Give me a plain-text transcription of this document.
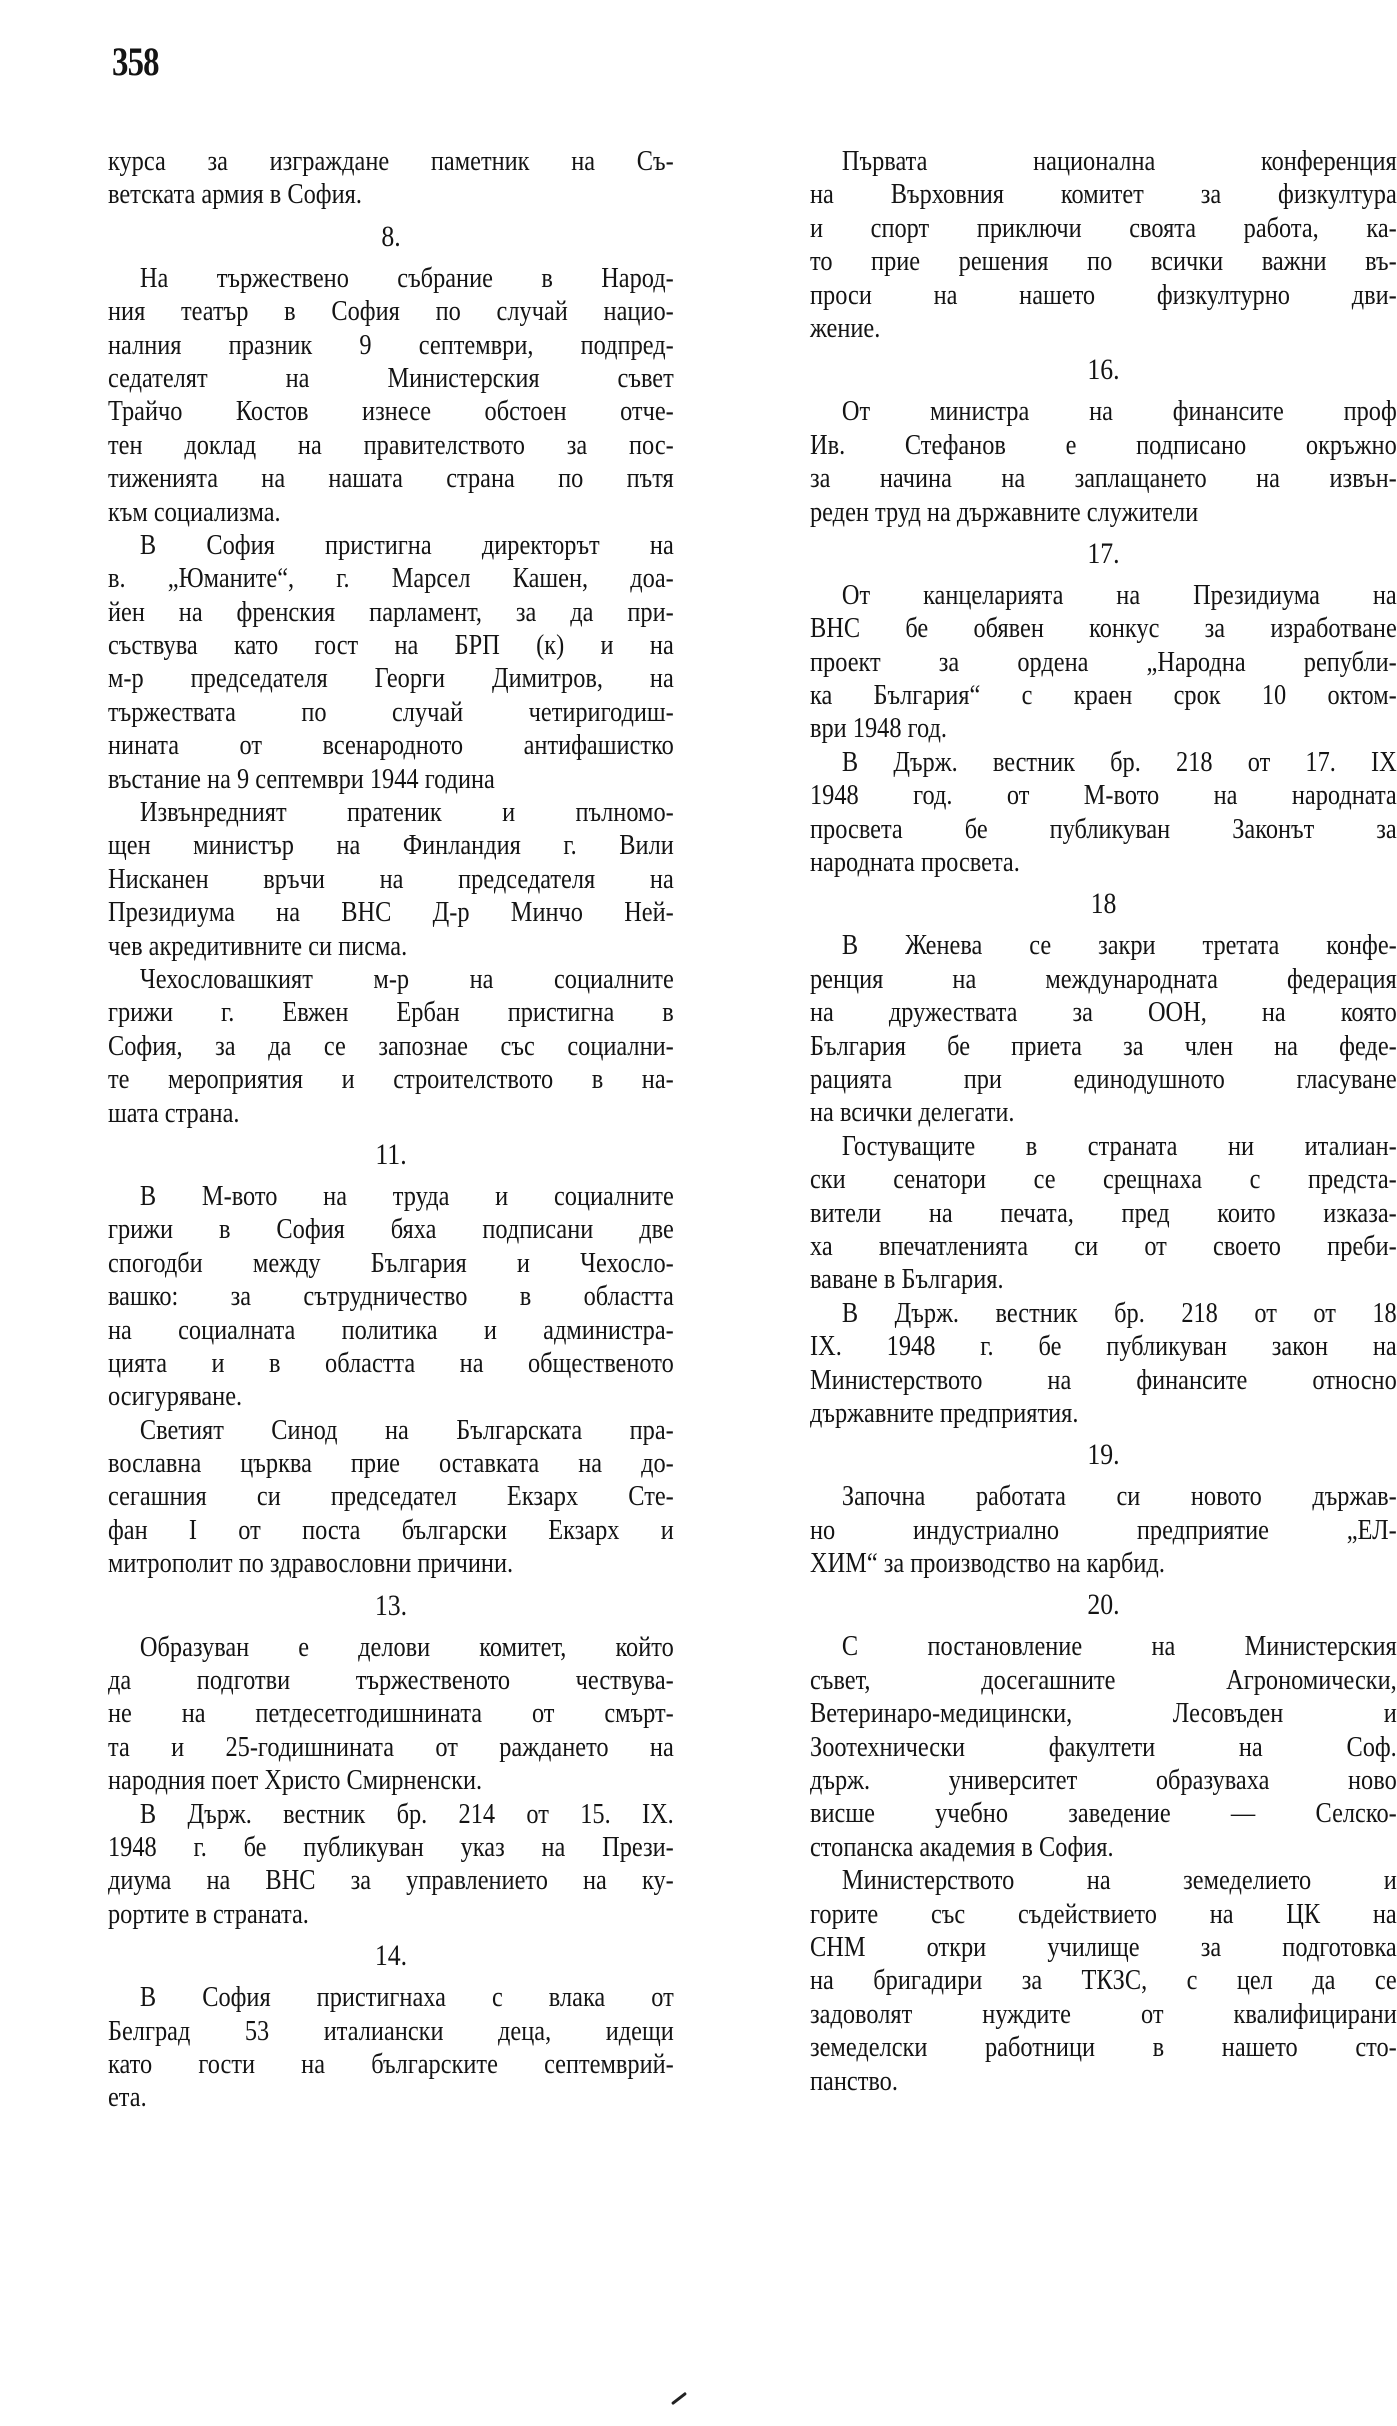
358
курса за изграждане паметник на Съ-
ветската армия в София.
8.
На тържествено събрание в Народ-
ния театър в София по случай нацио-
налния празник 9 септември, подпред-
седателят на Министерския съвет
Трайчо Костов изнесе обстоен отче-
тен доклад на правителството за пос-
тиженията на нашата страна по пътя
към социализма.
В София пристигна директорът на
в. „Юманите“, г. Марсел Кашен, доа-
йен на френския парламент, за да при-
съствува като гост на БРП (к) и на
м-р председателя Георги Димитров, на
тържествата по случай четиригодиш-
нината от всенародното антифашистко
въстание на 9 септември 1944 година
Извънредният пратеник и пълномо-
щен министър на Финландия г. Вили
Нисканен връчи на председателя на
Президиума на ВНС Д-р Минчо Ней-
чев акредитивните си писма.
Чехословашкият м-р на социалните
грижи г. Евжен Ербан пристигна в
София, за да се запознае със социални-
те мероприятия и строителството в на-
шата страна.
11.
В М-вото на труда и социалните
грижи в София бяха подписани две
спогодби между България и Чехосло-
вашко: за сътрудничество в областта
на социалната политика и администра-
цията и в областта на общественото
осигуряване.
Светият Синод на Българската пра-
вославна църква прие оставката на до-
сегашния си председател Екзарх Сте-
фан I от поста български Екзарх и
митрополит по здравословни причини.
13.
Образуван е делови комитет, който
да подготви тържественото чествува-
не на петдесетгодишнината от смърт-
та и 25-годишнината от раждането на
народния поет Христо Смирненски.
В Държ. вестник бр. 214 от 15. IX.
1948 г. бе публикуван указ на Прези-
диума на ВНС за управлението на ку-
рортите в страната.
14.
В София пристигнаха с влака от
Белград 53 италиански деца, идещи
като гости на българските септемврий-
ета.
Първата национална конференция
на Върховния комитет за физкултура
и спорт приключи своята работа, ка-
то прие решения по всички важни въ-
проси на нашето физкултурно дви-
жение.
16.
От министра на финансите проф
Ив. Стефанов е подписано окръжно
за начина на заплащането на извън-
реден труд на държавните служители
17.
От канцеларията на Президиума на
ВНС бе обявен конкус за изработване
проект за ордена „Народна републи-
ка България“ с краен срок 10 октом-
ври 1948 год.
В Държ. вестник бр. 218 от 17. IX
1948 год. от М-вото на народната
просвета бе публикуван Законът за
народната просвета.
18
В Женева се закри третата конфе-
ренция на международната федерация
на дружествата за ООН, на която
България бе приета за член на феде-
рацията при единодушното гласуване
на всички делегати.
Гостуващите в страната ни италиан-
ски сенатори се срещнаха с предста-
вители на печата, пред които изказа-
ха впечатленията си от своето преби-
ваване в България.
В Държ. вестник бр. 218 от от 18
IX. 1948 г. бе публикуван закон на
Министерството на финансите относно
държавните предприятия.
19.
Започна работата си новото държав-
но индустриално предприятие „ЕЛ-
ХИМ“ за производство на карбид.
20.
С постановление на Министерския
съвет, досегашните Агрономически,
Ветеринаро-медицински, Лесовъден и
Зоотехнически факултети на Соф.
държ. университет образуваха ново
висше учебно заведение — Селско-
стопанска академия в София.
Министерството на земеделието и
горите със съдействието на ЦК на
СНМ откри училище за подготовка
на бригадири за ТКЗС, с цел да се
задоволят нуждите от квалифицирани
земеделски работници в нашето сто-
панство.
